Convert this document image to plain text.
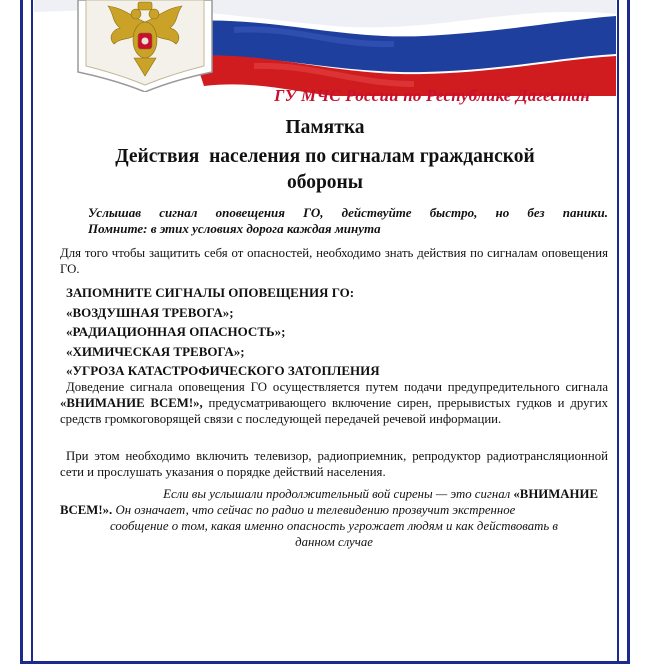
ГУ МЧС России по Республике Дагестан
Памятка
Действия  населения по сигналам гражданской
обороны
Услышав сигнал оповещения ГО, действуйте быстро, но без паники.
Помните: в этих условиях дорога каждая минута
Для того чтобы защитить себя от опасностей, необходимо знать действия по сигналам оповещения ГО.
ЗАПОМНИТЕ СИГНАЛЫ ОПОВЕЩЕНИЯ ГО:
«ВОЗДУШНАЯ ТРЕВОГА»;
«РАДИАЦИОННАЯ ОПАСНОСТЬ»;
«ХИМИЧЕСКАЯ ТРЕВОГА»;
«УГРОЗА КАТАСТРОФИЧЕСКОГО ЗАТОПЛЕНИЯ
Доведение сигнала оповещения ГО осуществляется путем подачи предупредительного сигнала «ВНИМАНИЕ ВСЕМ!», предусматривающего включение сирен, прерывистых гудков и других средств громкоговорящей связи с последующей передачей речевой информации.
При этом необходимо включить телевизор, радиоприемник, репродуктор радиотрансляционной сети и прослушать указания о порядке действий населения.
Если вы услышали продолжительный вой сирены — это сигнал «ВНИМАНИЕ
ВСЕМ!». Он означает, что сейчас по радио и телевидению прозвучит экстренное
сообщение о том, какая именно опасность угрожает людям и как действовать в
данном случае
